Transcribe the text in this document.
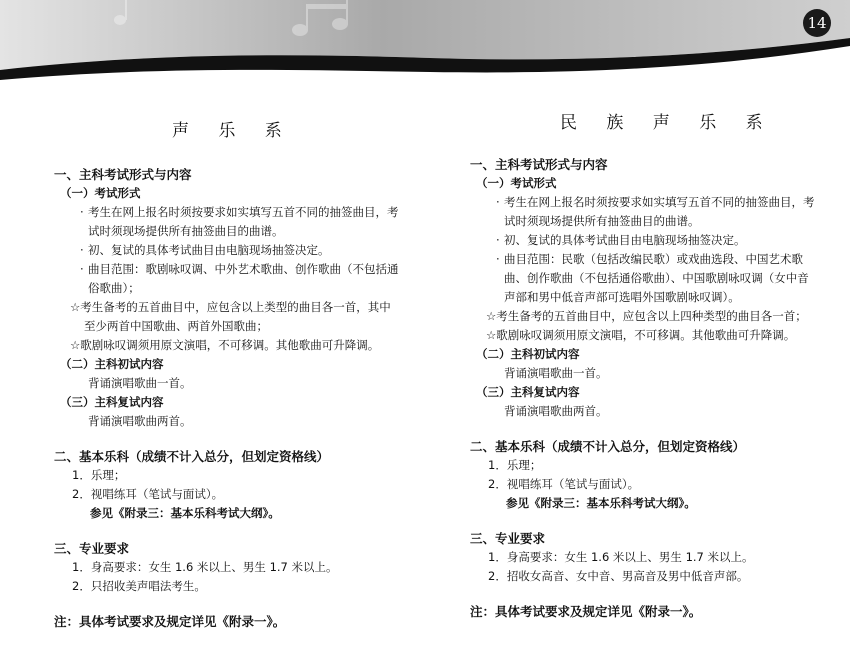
14
声 乐 系
一、主科考试形式与内容
（一）考试形式
· 考生在网上报名时须按要求如实填写五首不同的抽签曲目，考试时须现场提供所有抽签曲目的曲谱。
· 初、复试的具体考试曲目由电脑现场抽签决定。
· 曲目范围：歌剧咏叹调、中外艺术歌曲、创作歌曲（不包括通俗歌曲）；
☆考生备考的五首曲目中，应包含以上类型的曲目各一首，其中至少两首中国歌曲、两首外国歌曲；
☆歌剧咏叹调须用原文演唱，不可移调。其他歌曲可升降调。
（二）主科初试内容
背诵演唱歌曲一首。
（三）主科复试内容
背诵演唱歌曲两首。
二、基本乐科（成绩不计入总分，但划定资格线）
1．乐理；
2．视唱练耳（笔试与面试）。
参见《附录三：基本乐科考试大纲》。
三、专业要求
1．身高要求：女生 1.6 米以上、男生 1.7 米以上。
2．只招收美声唱法考生。
注：具体考试要求及规定详见《附录一》。
民 族 声 乐 系
一、主科考试形式与内容
（一）考试形式
· 考生在网上报名时须按要求如实填写五首不同的抽签曲目，考试时须现场提供所有抽签曲目的曲谱。
· 初、复试的具体考试曲目由电脑现场抽签决定。
· 曲目范围：民歌（包括改编民歌）或戏曲选段、中国艺术歌曲、创作歌曲（不包括通俗歌曲）、中国歌剧咏叹调（女中音声部和男中低音声部可选唱外国歌剧咏叹调）。
☆考生备考的五首曲目中，应包含以上四种类型的曲目各一首；
☆歌剧咏叹调须用原文演唱，不可移调。其他歌曲可升降调。
（二）主科初试内容
背诵演唱歌曲一首。
（三）主科复试内容
背诵演唱歌曲两首。
二、基本乐科（成绩不计入总分，但划定资格线）
1．乐理；
2．视唱练耳（笔试与面试）。
参见《附录三：基本乐科考试大纲》。
三、专业要求
1．身高要求：女生 1.6 米以上、男生 1.7 米以上。
2．招收女高音、女中音、男高音及男中低音声部。
注：具体考试要求及规定详见《附录一》。
